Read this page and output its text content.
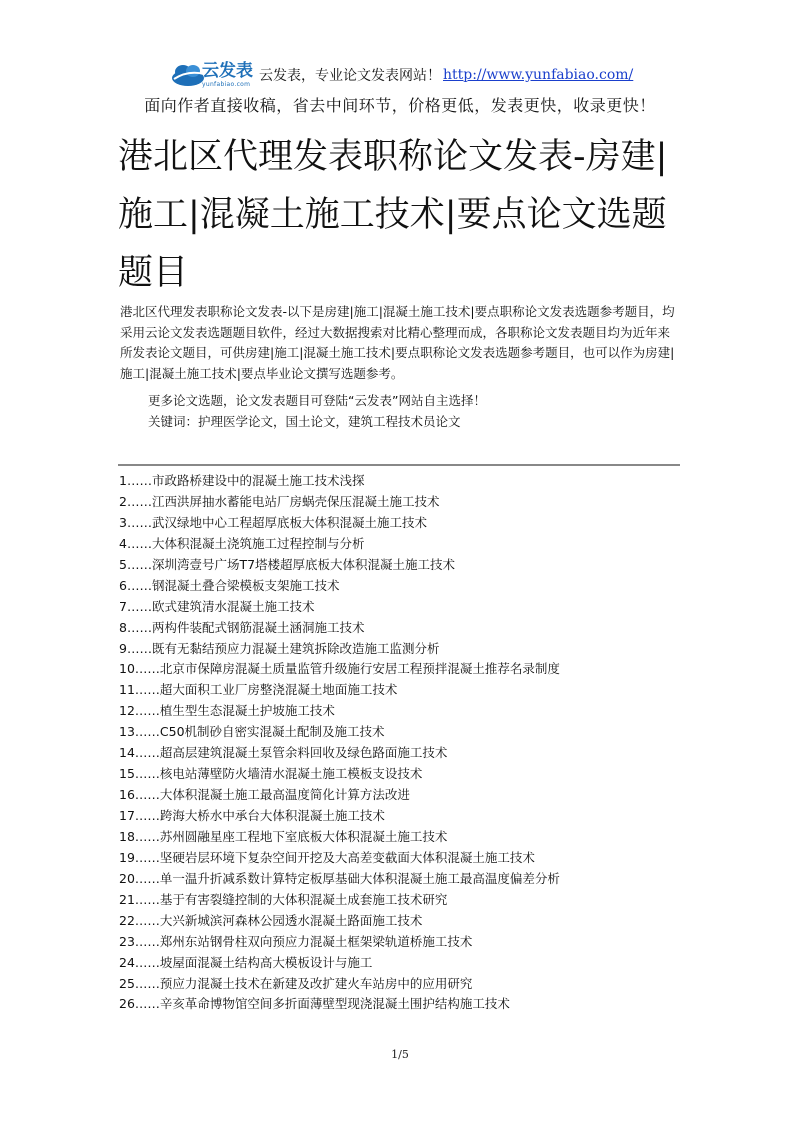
云发表
yunfabiao.com 云发表，专业论文发表网站！ http://www.yunfabiao.com/
面向作者直接收稿，省去中间环节，价格更低，发表更快，收录更快！
港北区代理发表职称论文发表-房建|施工|混凝土施工技术|要点论文选题题目

港北区代理发表职称论文发表-以下是房建|施工|混凝土施工技术|要点职称论文发表选题参考题目，均采用云论文发表选题题目软件，经过大数据搜索对比精心整理而成，各职称论文发表题目均为近年来所发表论文题目，可供房建|施工|混凝土施工技术|要点职称论文发表选题参考题目，也可以作为房建|施工|混凝土施工技术|要点毕业论文撰写选题参考。

更多论文选题，论文发表题目可登陆“云发表”网站自主选择！

关键词：护理医学论文，国土论文，建筑工程技术员论文

1……市政路桥建设中的混凝土施工技术浅探
2……江西洪屏抽水蓄能电站厂房蜗壳保压混凝土施工技术
3……武汉绿地中心工程超厚底板大体积混凝土施工技术
4……大体积混凝土浇筑施工过程控制与分析
5……深圳湾壹号广场T7塔楼超厚底板大体积混凝土施工技术
6……钢混凝土叠合梁模板支架施工技术
7……欧式建筑清水混凝土施工技术
8……两构件装配式钢筋混凝土涵洞施工技术
9……既有无黏结预应力混凝土建筑拆除改造施工监测分析
10……北京市保障房混凝土质量监管升级施行安居工程预拌混凝土推荐名录制度
11……超大面积工业厂房整浇混凝土地面施工技术
12……植生型生态混凝土护坡施工技术
13……C50机制砂自密实混凝土配制及施工技术
14……超高层建筑混凝土泵管余料回收及绿色路面施工技术
15……核电站薄壁防火墙清水混凝土施工模板支设技术
16……大体积混凝土施工最高温度简化计算方法改进
17……跨海大桥水中承台大体积混凝土施工技术
18……苏州圆融星座工程地下室底板大体积混凝土施工技术
19……坚硬岩层环境下复杂空间开挖及大高差变截面大体积混凝土施工技术
20……单一温升折减系数计算特定板厚基础大体积混凝土施工最高温度偏差分析
21……基于有害裂缝控制的大体积混凝土成套施工技术研究
22……大兴新城滨河森林公园透水混凝土路面施工技术
23……郑州东站钢骨柱双向预应力混凝土框架梁轨道桥施工技术
24……坡屋面混凝土结构高大模板设计与施工
25……预应力混凝土技术在新建及改扩建火车站房中的应用研究
26……辛亥革命博物馆空间多折面薄壁型现浇混凝土围护结构施工技术
1/5
